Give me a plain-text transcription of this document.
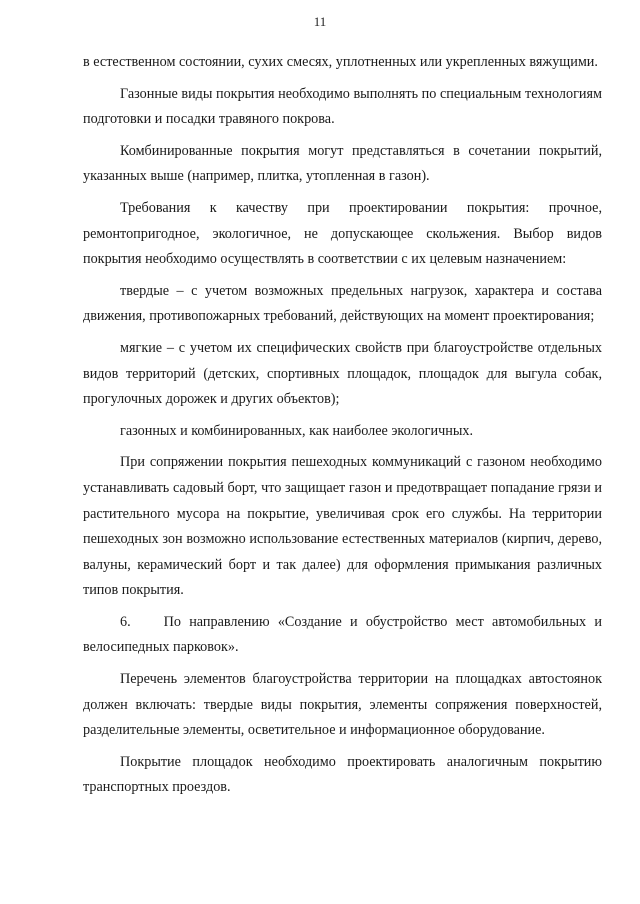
11

в естественном состоянии, сухих смесях, уплотненных или укрепленных вяжущими.

Газонные виды покрытия необходимо выполнять по специальным технологиям подготовки и посадки травяного покрова.

Комбинированные покрытия могут представляться в сочетании покрытий, указанных выше (например, плитка, утопленная в газон).

Требования к качеству при проектировании покрытия: прочное, ремонтопригодное, экологичное, не допускающее скольжения. Выбор видов покрытия необходимо осуществлять в соответствии с их целевым назначением:

твердые – с учетом возможных предельных нагрузок, характера и состава движения, противопожарных требований, действующих на момент проектирования;

мягкие – с учетом их специфических свойств при благоустройстве отдельных видов территорий (детских, спортивных площадок, площадок для выгула собак, прогулочных дорожек и других объектов);

газонных и комбинированных, как наиболее экологичных.

При сопряжении покрытия пешеходных коммуникаций с газоном необходимо устанавливать садовый борт, что защищает газон и предотвращает попадание грязи и растительного мусора на покрытие, увеличивая срок его службы. На территории пешеходных зон возможно использование естественных материалов (кирпич, дерево, валуны, керамический борт и так далее) для оформления примыкания различных типов покрытия.

6.    По направлению «Создание и обустройство мест автомобильных и велосипедных парковок».

Перечень элементов благоустройства территории на площадках автостоянок должен включать: твердые виды покрытия, элементы сопряжения поверхностей, разделительные элементы, осветительное и информационное оборудование.

Покрытие площадок необходимо проектировать аналогичным покрытию транспортных проездов.
